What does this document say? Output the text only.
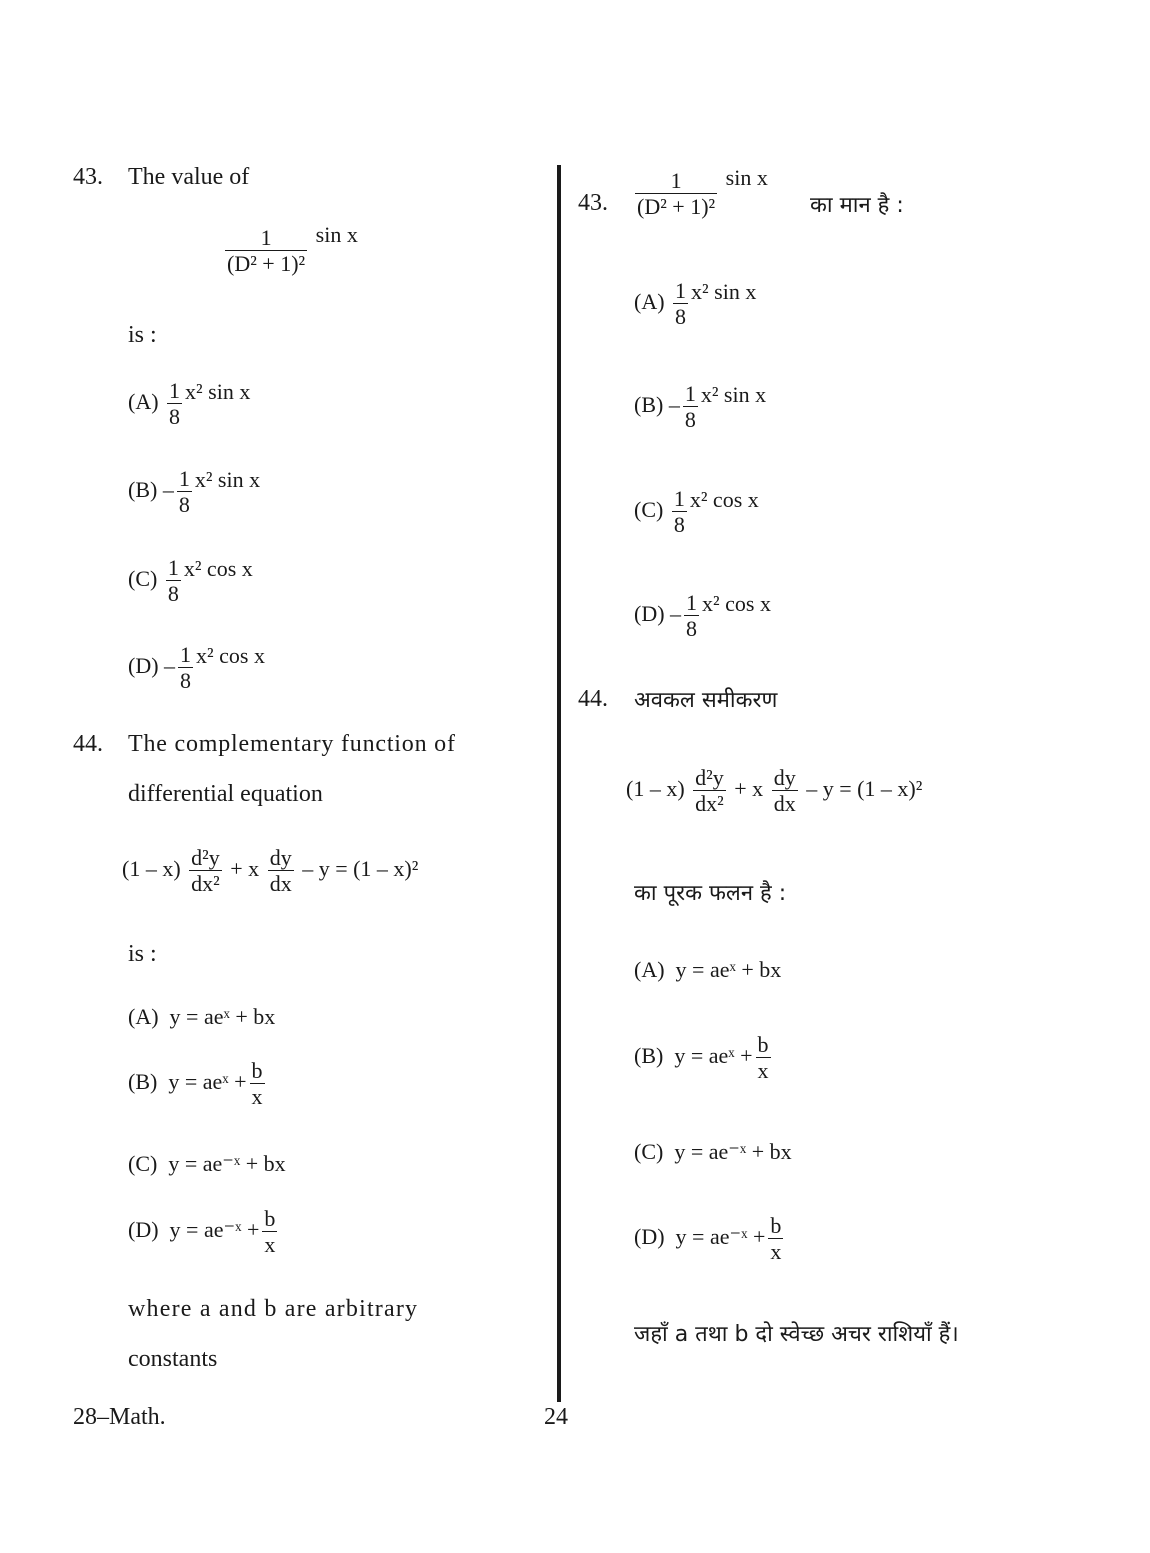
43. The value of
$\frac{1}{\text{(D² + 1)²}}$ sin x
is :
$(A) \frac{1}{8} x^2$ sin x
$(B) - \frac{1}{8} x^2$ sin x
$(C) \frac{1}{8} x^2$ cos x
$(D) - \frac{1}{8} x^2$ cos x
44. The complementary function of
differential equation
$(1 - x) \frac{\text{d²y}}{\text{dx²}} + x \frac{dy}{dx} - y = (1 - x)^2$
is :
(A) y = aeˣ + bx
(B) y = aeˣ + $\frac{b}{x}$
(C) y = ae⁻ˣ + bx
(D) y = ae⁻ˣ + $\frac{b}{x}$
where a and b are arbitrary
constants
43. $\frac{1}{\text{(D² + 1)²}}$ sin x
का मान है :
$(A) \frac{1}{8} x^2$ sin x
$(B) - \frac{1}{8} x^2$ sin x
$(C) \frac{1}{8} x^2$ cos x
$(D) - \frac{1}{8} x^2$ cos x
44. अवकल समीकरण
$(1 - x) \frac{\text{d²y}}{\text{dx²}} + x \frac{dy}{dx} - y = (1 - x)^2$
का पूरक फलन है :
(A) y = aeˣ + bx
(B) y = aeˣ + $\frac{b}{x}$
(C) y = ae⁻ˣ + bx
(D) y = ae⁻ˣ + $\frac{b}{x}$
जहाँ a तथा b दो स्वेच्छ अचर राशियाँ हैं।
28–Math.	24
